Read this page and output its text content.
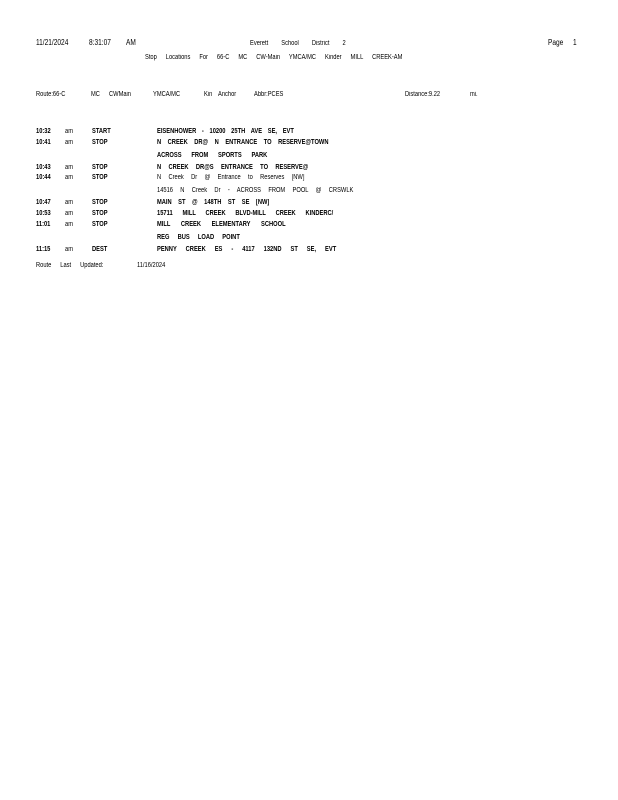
11/21/2024	8:31:07 AM	Everett School District 2	Page 1
Stop Locations For 66-C MC CW-Main YMCA/MC Kinder MILL CREEK-AM
Route:66-C	MC CWMain	YMCA/MC	Kin Anchor	Abbr:PCES	Distance:9.22	mi.
10:32 am	START	EISENHOWER - 10200 25TH AVE SE, EVT
10:41 am	STOP	N CREEK DR@ N ENTRANCE TO RESERVE@TOWN
ACROSS FROM SPORTS PARK
10:43 am	STOP	N CREEK DR@S ENTRANCE TO RESERVE@
10:44 am	STOP	N Creek Dr @ Entrance to Reserves [NW]
14516 N Creek Dr - ACROSS FROM POOL @ CRSWLK
10:47 am	STOP	MAIN ST @ 148TH ST SE [NW]
10:53 am	STOP	15711 MILL CREEK BLVD-MILL CREEK KINDERC/
11:01 am	STOP	MILL CREEK ELEMENTARY SCHOOL
REG BUS LOAD POINT
11:15 am	DEST	PENNY CREEK ES - 4117 132ND ST SE, EVT
Route Last Updated:	11/16/2024
